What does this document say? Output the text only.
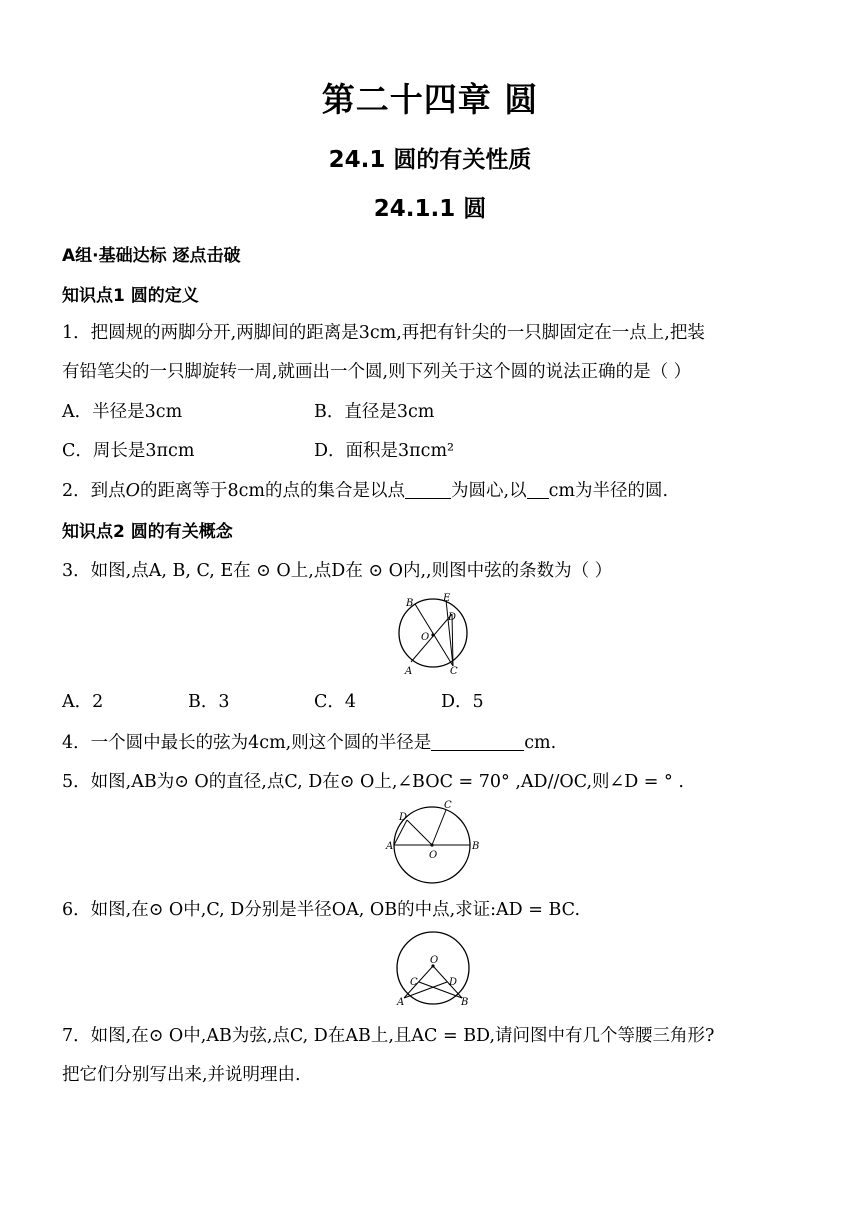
第二十四章 圆
24.1 圆的有关性质
24.1.1 圆
A组·基础达标 逐点击破
知识点1 圆的定义
1．把圆规的两脚分开,两脚间的距离是3cm,再把有针尖的一只脚固定在一点上,把装
有铅笔尖的一只脚旋转一周,就画出一个圆,则下列关于这个圆的说法正确的是（ ）
A．半径是3cm	B．直径是3cm
C．周长是3πcm	D．面积是3πcm²
2．到点O的距离等于8cm的点的集合是以点	为圆心,以 cm为半径的圆.
知识点2 圆的有关概念
3．如图,点A, B, C, E在 ⊙ O上,点D在 ⊙ O内,,则图中弦的条数为（ ）
B	E
D
O
A	C
A．2	B．3	C．4	D．5
4．一个圆中最长的弦为4cm,则这个圆的半径是	cm.
5．如图,AB为⊙ O的直径,点C, D在⊙ O上,∠BOC = 70° ,AD//OC,则∠D = ° .
C
D
A
O
B
6．如图,在⊙ O中,C, D分别是半径OA, OB的中点,求证:AD = BC.
O
C	D
A	B
7．如图,在⊙ O中,AB为弦,点C, D在AB上,且AC = BD,请问图中有几个等腰三角形?
把它们分别写出来,并说明理由.
